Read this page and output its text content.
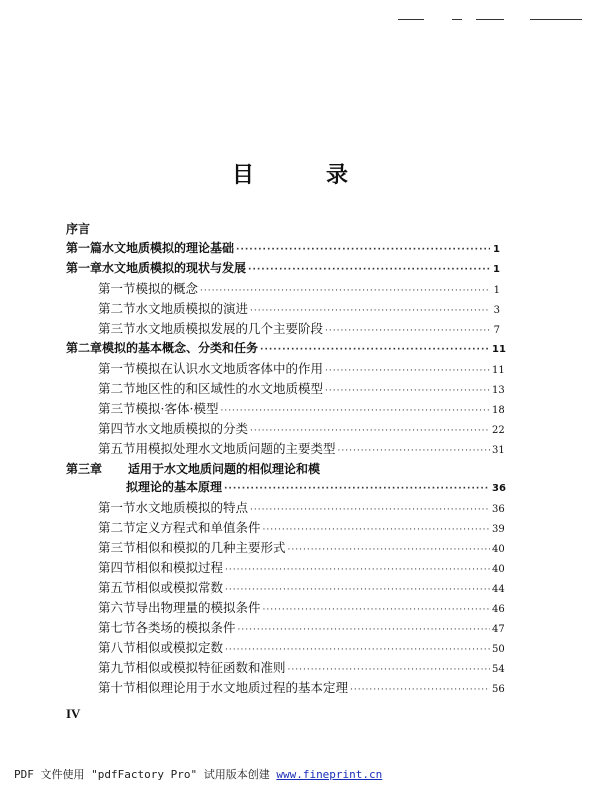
目	录
序言
第一篇 水文地质模拟的理论基础 ·····	1
第一章 水文地质模拟的现状与发展 ·····	1
第一节 模拟的概念 ·····	1
第二节 水文地质模拟的演进 ·····	3
第三节 水文地质模拟发展的几个主要阶段 ·····	7
第二章 模拟的基本概念、分类和任务 ·····	11
第一节 模拟在认识水文地质客体中的作用 ·····	11
第二节 地区性的和区域性的水文地质模型 ·····	13
第三节 模拟·客体·模型 ·····	18
第四节 水文地质模拟的分类 ·····	22
第五节 用模拟处理水文地质问题的主要类型 ·····	31
第三章	适用于水文地质问题的相似理论和模
拟理论的基本原理 ·····	36
第一节 水文地质模拟的特点 ·····	36
第二节 定义方程式和单值条件 ·····	39
第三节 相似和模拟的几种主要形式 ·····	40
第四节 相似和模拟过程 ·····	40
第五节 相似或模拟常数 ·····	44
第六节 导出物理量的模拟条件 ·····	46
第七节 各类场的模拟条件 ·····	47
第八节 相似或模拟定数 ·····	50
第九节 相似或模拟特征函数和准则 ·····	54
第十节 相似理论用于水文地质过程的基本定理 ·····	56
IV
PDF 文件使用 "pdfFactory Pro" 试用版本创建 www.fineprint.cn
